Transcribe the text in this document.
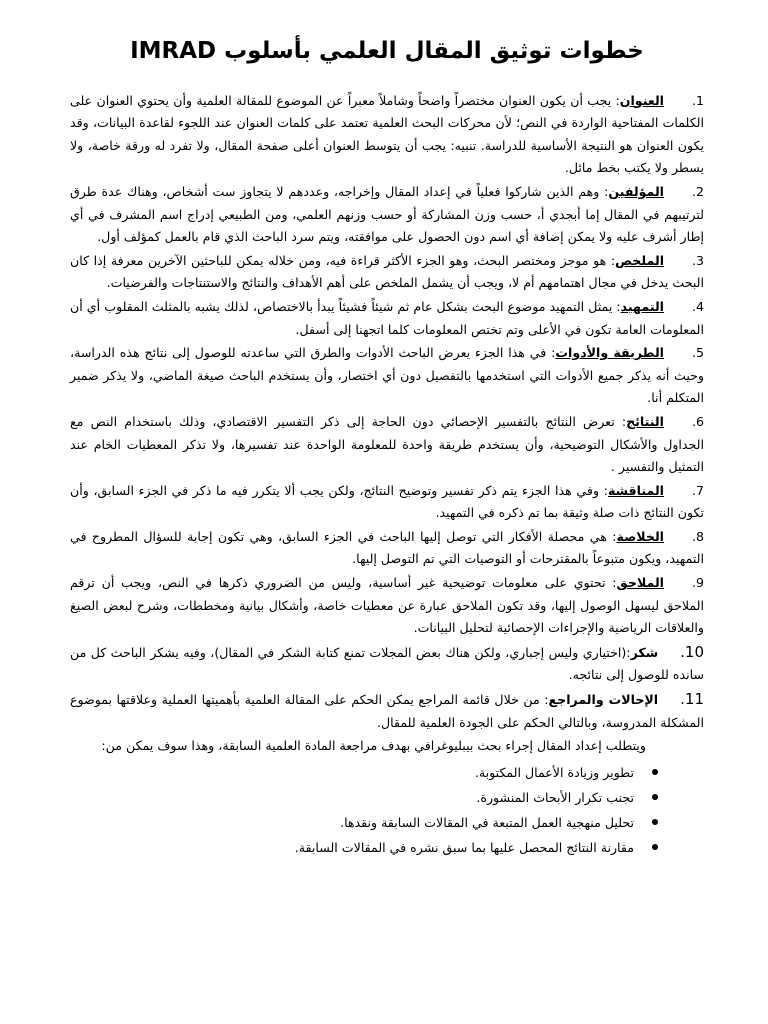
خطوات توثيق المقال العلمي بأسلوب IMRAD

1.العنوان: يجب أن يكون العنوان مختصراً واضحاً وشاملاً معبراً عن الموضوع للمقالة العلمية وأن يحتوي العنوان على الكلمات المفتاحية الواردة في النص؛ لأن محركات البحث العلمية تعتمد على كلمات العنوان عند اللجوء لقاعدة البيانات، وقد يكون العنوان هو النتيجة الأساسية للدراسة. تنبيه: يجب أن يتوسط العنوان أعلى صفحة المقال، ولا تفرد له ورقة خاصة، ولا يسطر ولا يكتب بخط مائل.

2.المؤلفين: وهم الذين شاركوا فعلياً في إعداد المقال وإخراجه، وعددهم لا يتجاوز ست أشخاص، وهناك عدة طرق لترتيبهم في المقال إما أبجدي أ، حسب وزن المشاركة أو حسب وزنهم العلمي، ومن الطبيعي إدراج اسم المشرف في أي إطار أشرف عليه ولا يمكن إضافة أي اسم دون الحصول على موافقته، ويتم سرد الباحث الذي قام بالعمل كمؤلف أول.

3.الملخص: هو موجز ومختصر البحث، وهو الجزء الأكثر قراءة فيه، ومن خلاله يمكن للباحثين الآخرين معرفة إذا كان البحث يدخل في مجال اهتمامهم أم لا، ويجب أن يشمل الملخص على أهم الأهداف والنتائج والاستنتاجات والفرضيات.

4.التمهيد: يمثل التمهيد موضوع البحث بشكل عام ثم شيئاً فشيئاً يبدأ بالاختصاص، لذلك يشبه بالمثلث المقلوب أي أن المعلومات العامة تكون في الأعلى وتم تختص المعلومات كلما اتجهنا إلى أسفل.

5.الطريقة والأدوات: في هذا الجزء يعرض الباحث الأدوات والطرق التي ساعدته للوصول إلى نتائج هذه الدراسة، وحيث أنه يذكر جميع الأدوات التي استخدمها بالتفصيل دون أي اختصار، وأن يستخدم الباحث صيغة الماضي، ولا يذكر ضمير المتكلم أنا.

6.النتائج: تعرض النتائج بالتفسير الإحصائي دون الحاجة إلى ذكر التفسير الاقتصادي، وذلك باستخدام النص مع الجداول والأشكال التوضيحية، وأن يستخدم طريقة واحدة للمعلومة الواحدة عند تفسيرها، ولا تذكر المعطيات الخام عند التمثيل والتفسير .

7.المناقشة: وفي هذا الجزء يتم ذكر تفسير وتوضيح النتائج، ولكن يجب ألا يتكرر فيه ما ذكر في الجزء السابق، وأن تكون النتائج ذات صلة وثيقة بما تم ذكره في التمهيد.

8.الخلاصة: هي محصلة الأفكار التي توصل إليها الباحث في الجزء السابق، وهي تكون إجابة للسؤال المطروح في التمهيد، ويكون متبوعاً بالمقترحات أو التوصيات التي تم التوصل إليها.

9.الملاحق: تحتوي على معلومات توضيحية غير أساسية، وليس من الضروري ذكرها في النص، ويجب أن ترقم الملاحق ليسهل الوصول إليها، وقد تكون الملاحق عبارة عن معطيات خاصة، وأشكال بيانية ومخططات، وشرح لبعض الصيغ والعلاقات الرياضية والإجراءات الإحصائية لتحليل البيانات.

10.شكر:(اختياري وليس إجباري، ولكن هناك بعض المجلات تمنع كتابة الشكر في المقال)، وفيه يشكر الباحث كل من سانده للوصول إلى نتائجه.

11.الإحالات والمراجع: من خلال قائمة المراجع يمكن الحكم على المقالة العلمية بأهميتها العملية وعلاقتها بموضوع المشكلة المدروسة، وبالتالي الحكم على الجودة العلمية للمقال.

ويتطلب إعداد المقال إجراء بحث بيبليوغرافي بهدف مراجعة المادة العلمية السابقة، وهذا سوف يمكن من:

تطوير وزيادة الأعمال المكتوبة.
تجنب تكرار الأبحاث المنشورة.
تحليل منهجية العمل المتبعة في المقالات السابقة ونقدها.
مقارنة النتائج المحصل عليها بما سبق نشره في المقالات السابقة.
